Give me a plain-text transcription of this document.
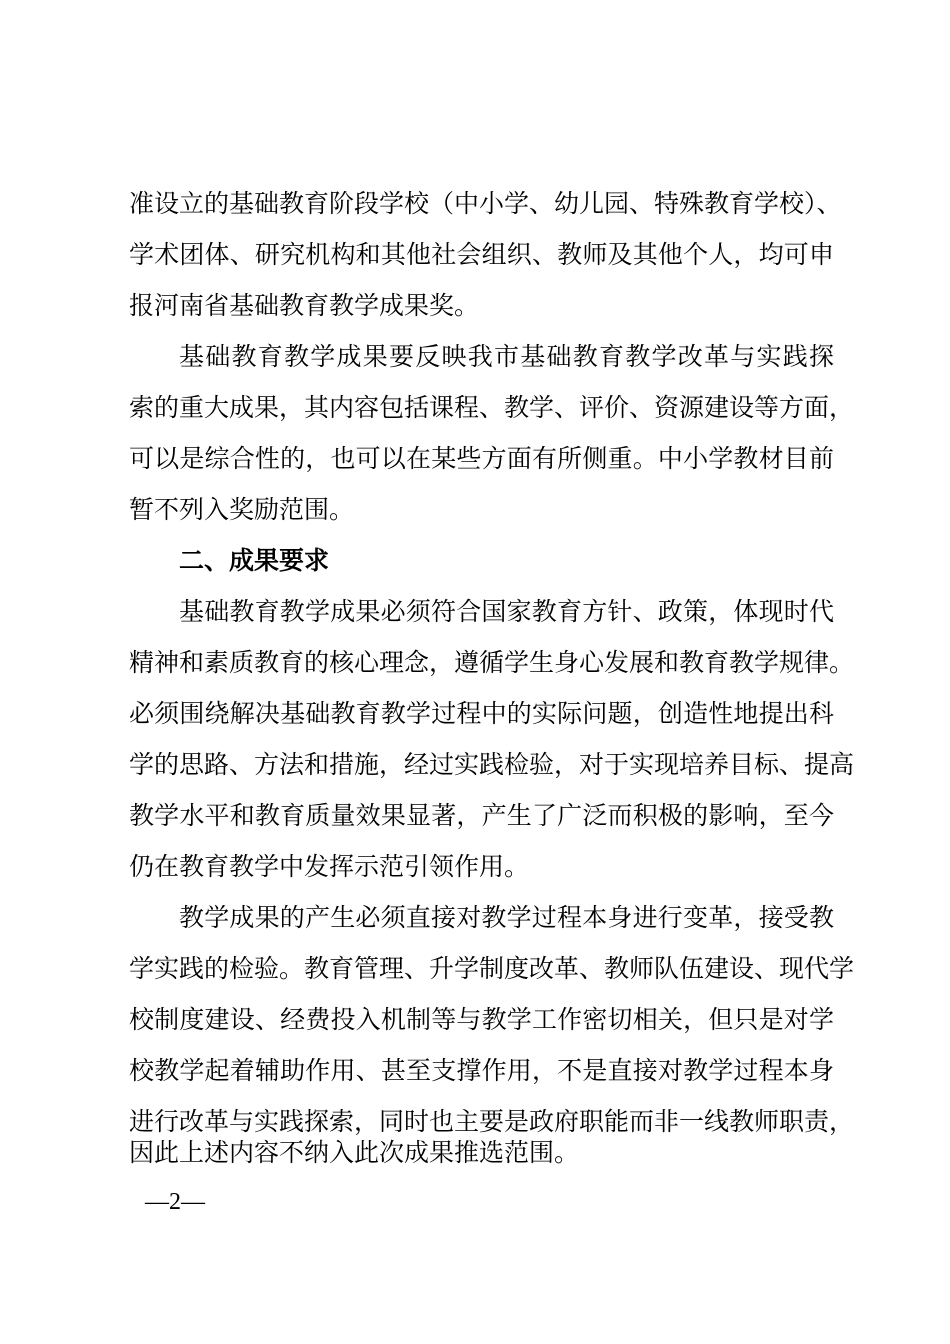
准设立的基础教育阶段学校（中小学、幼儿园、特殊教育学校）、
学术团体、研究机构和其他社会组织、教师及其他个人，均可申
报河南省基础教育教学成果奖。
基础教育教学成果要反映我市基础教育教学改革与实践探
索的重大成果，其内容包括课程、教学、评价、资源建设等方面，
可以是综合性的，也可以在某些方面有所侧重。中小学教材目前
暂不列入奖励范围。
二、成果要求
基础教育教学成果必须符合国家教育方针、政策，体现时代
精神和素质教育的核心理念，遵循学生身心发展和教育教学规律。
必须围绕解决基础教育教学过程中的实际问题，创造性地提出科
学的思路、方法和措施，经过实践检验，对于实现培养目标、提高
教学水平和教育质量效果显著，产生了广泛而积极的影响，至今
仍在教育教学中发挥示范引领作用。
教学成果的产生必须直接对教学过程本身进行变革，接受教
学实践的检验。教育管理、升学制度改革、教师队伍建设、现代学
校制度建设、经费投入机制等与教学工作密切相关，但只是对学
校教学起着辅助作用、甚至支撑作用，不是直接对教学过程本身
进行改革与实践探索，同时也主要是政府职能而非一线教师职责，
因此上述内容不纳入此次成果推选范围。
—2—
